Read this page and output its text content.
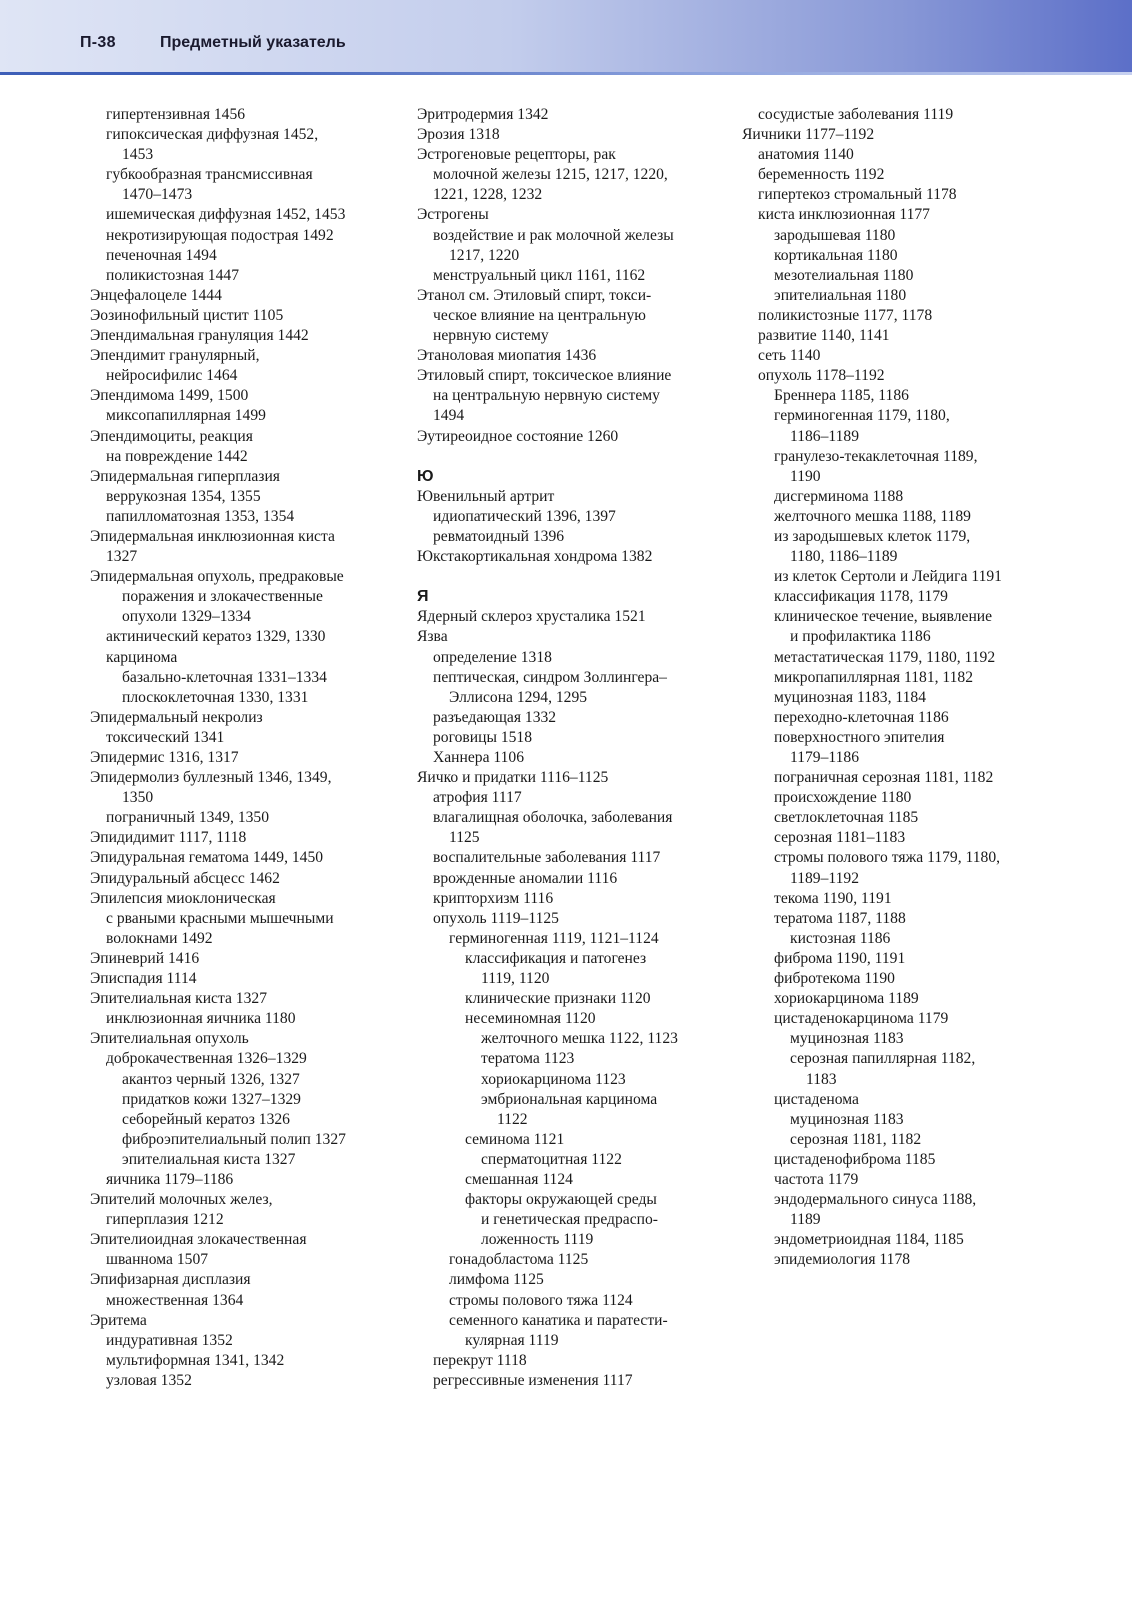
П-38	Предметный указатель
гипертензивная 1456
гипоксическая диффузная 1452,
1453
губкообразная трансмиссивная
1470–1473
ишемическая диффузная 1452, 1453
некротизирующая подострая 1492
печеночная 1494
поликистозная 1447
Энцефалоцеле 1444
Эозинофильный цистит 1105
Эпендимальная грануляция 1442
Эпендимит гранулярный,
нейросифилис 1464
Эпендимома 1499, 1500
миксопапиллярная 1499
Эпендимоциты, реакция
на повреждение 1442
Эпидермальная гиперплазия
веррукозная 1354, 1355
папилломатозная 1353, 1354
Эпидермальная инклюзионная киста
1327
Эпидермальная опухоль, предраковые
поражения и злокачественные
опухоли 1329–1334
актинический кератоз 1329, 1330
карцинома
базально-клеточная 1331–1334
плоскоклеточная 1330, 1331
Эпидермальный некролиз
токсический 1341
Эпидермис 1316, 1317
Эпидермолиз буллезный 1346, 1349,
1350
пограничный 1349, 1350
Эпидидимит 1117, 1118
Эпидуральная гематома 1449, 1450
Эпидуральный абсцесс 1462
Эпилепсия миоклоническая
с рваными красными мышечными
волокнами 1492
Эпиневрий 1416
Эписпадия 1114
Эпителиальная киста 1327
инклюзионная яичника 1180
Эпителиальная опухоль
доброкачественная 1326–1329
акантоз черный 1326, 1327
придатков кожи 1327–1329
себорейный кератоз 1326
фиброэпителиальный полип 1327
эпителиальная киста 1327
яичника 1179–1186
Эпителий молочных желез,
гиперплазия 1212
Эпителиоидная злокачественная
шваннома 1507
Эпифизарная дисплазия
множественная 1364
Эритема
индуративная 1352
мультиформная 1341, 1342
узловая 1352
Эритродермия 1342
Эрозия 1318
Эстрогеновые рецепторы, рак
молочной железы 1215, 1217, 1220,
1221, 1228, 1232
Эстрогены
воздействие и рак молочной железы
1217, 1220
менструальный цикл 1161, 1162
Этанол см. Этиловый спирт, токси-
ческое влияние на центральную
нервную систему
Этаноловая миопатия 1436
Этиловый спирт, токсическое влияние
на центральную нервную систему
1494
Эутиреоидное состояние 1260
Ю
Ювенильный артрит
идиопатический 1396, 1397
ревматоидный 1396
Юкстакортикальная хондрома 1382
Я
Ядерный склероз хрусталика 1521
Язва
определение 1318
пептическая, синдром Золлингера–
Эллисона 1294, 1295
разъедающая 1332
роговицы 1518
Ханнера 1106
Яичко и придатки 1116–1125
атрофия 1117
влагалищная оболочка, заболевания
1125
воспалительные заболевания 1117
врожденные аномалии 1116
крипторхизм 1116
опухоль 1119–1125
герминогенная 1119, 1121–1124
классификация и патогенез
1119, 1120
клинические признаки 1120
несеминомная 1120
желточного мешка 1122, 1123
тератома 1123
хориокарцинома 1123
эмбриональная карцинома
1122
семинома 1121
сперматоцитная 1122
смешанная 1124
факторы окружающей среды
и генетическая предраспо-
ложенность 1119
гонадобластома 1125
лимфома 1125
стромы полового тяжа 1124
семенного канатика и паратести-
кулярная 1119
перекрут 1118
регрессивные изменения 1117
сосудистые заболевания 1119
Яичники 1177–1192
анатомия 1140
беременность 1192
гипертекоз стромальный 1178
киста инклюзионная 1177
зародышевая 1180
кортикальная 1180
мезотелиальная 1180
эпителиальная 1180
поликистозные 1177, 1178
развитие 1140, 1141
сеть 1140
опухоль 1178–1192
Бреннера 1185, 1186
герминогенная 1179, 1180,
1186–1189
гранулезо-текаклеточная 1189,
1190
дисгерминома 1188
желточного мешка 1188, 1189
из зародышевых клеток 1179,
1180, 1186–1189
из клеток Сертоли и Лейдига 1191
классификация 1178, 1179
клиническое течение, выявление
и профилактика 1186
метастатическая 1179, 1180, 1192
микропапиллярная 1181, 1182
муцинозная 1183, 1184
переходно-клеточная 1186
поверхностного эпителия
1179–1186
пограничная серозная 1181, 1182
происхождение 1180
светлоклеточная 1185
серозная 1181–1183
стромы полового тяжа 1179, 1180,
1189–1192
текома 1190, 1191
тератома 1187, 1188
кистозная 1186
фиброма 1190, 1191
фибротекома 1190
хориокарцинома 1189
цистаденокарцинома 1179
муцинозная 1183
серозная папиллярная 1182,
1183
цистаденома
муцинозная 1183
серозная 1181, 1182
цистаденофиброма 1185
частота 1179
эндодермального синуса 1188,
1189
эндометриоидная 1184, 1185
эпидемиология 1178
